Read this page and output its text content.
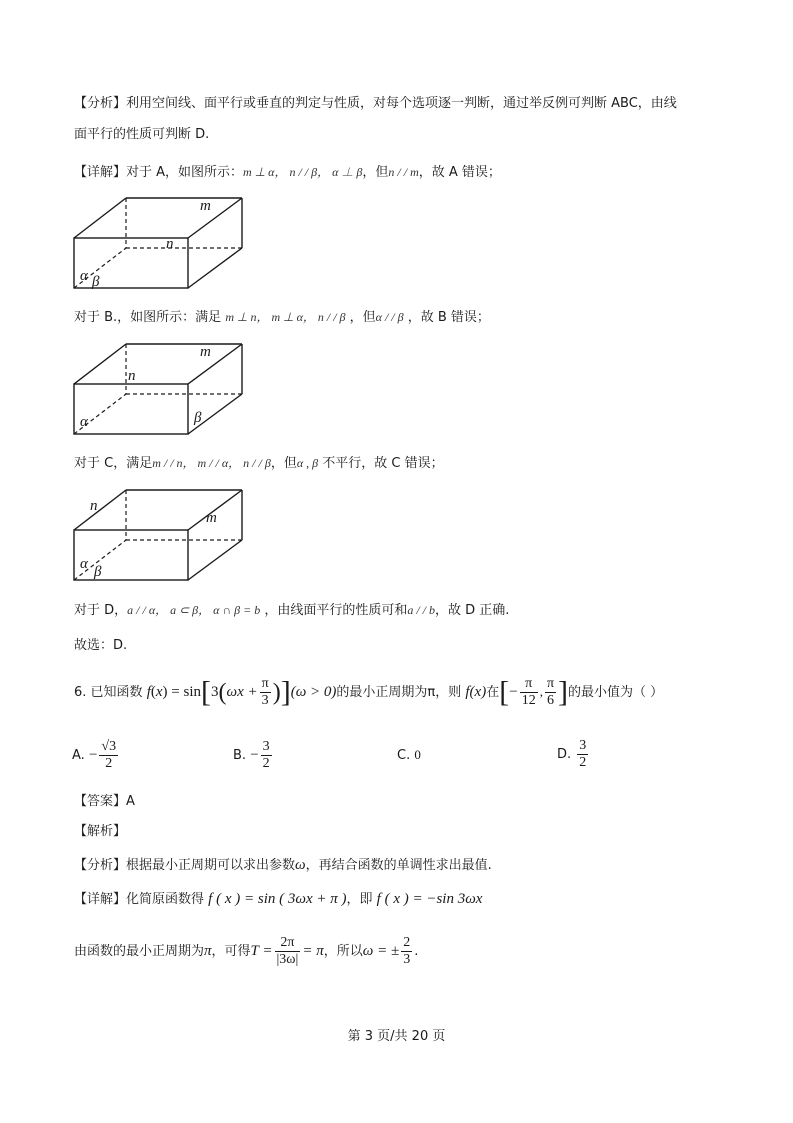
【分析】利用空间线、面平行或垂直的判定与性质，对每个选项逐一判断，通过举反例可判断 ABC，由线
面平行的性质可判断 D.
【详解】对于 A，如图所示：m ⊥ α， n / / β， α ⊥ β，但n / / m，故 A 错误；
m
n
α β
对于 B.，如图所示：满足 m ⊥ n， m ⊥ α， n / / β ，但α / / β ，故 B 错误；
m
n
α	β
对于 C，满足m / / n， m / / α， n / / β，但α , β 不平行，故 C 错误；
n
m
α β
对于 D，a / / α， a ⊂ β， α ∩ β = b ，由线面平行的性质可和a / / b，故 D 正确.
故选：D.
6. 已知函数 $f(x) = \sin[3(\omega x + \frac{\pi}{3} )](\omega > 0)$的最小正周期为π，则 f(x)在[− $\frac{\pi}{12}$ , $\frac{\pi}{6}$ ]的最小值为（ ）
A. − $\frac{√3}{2}$	B. − $\frac{3}{2}$	C. 0	D. $\frac{3}{2}$
【答案】A
【解析】
【分析】根据最小正周期可以求出参数ω，再结合函数的单调性求出最值.
【详解】化简原函数得 f ( x ) = sin ( 3ωx + π )，即 f ( x ) = −sin 3ωx
由函数的最小正周期为π，可得$T = \frac{2\pi}{|3\omega|} = \pi$，所以ω = ± $\frac{2}{3}$ .
第 3 页/共 20 页
